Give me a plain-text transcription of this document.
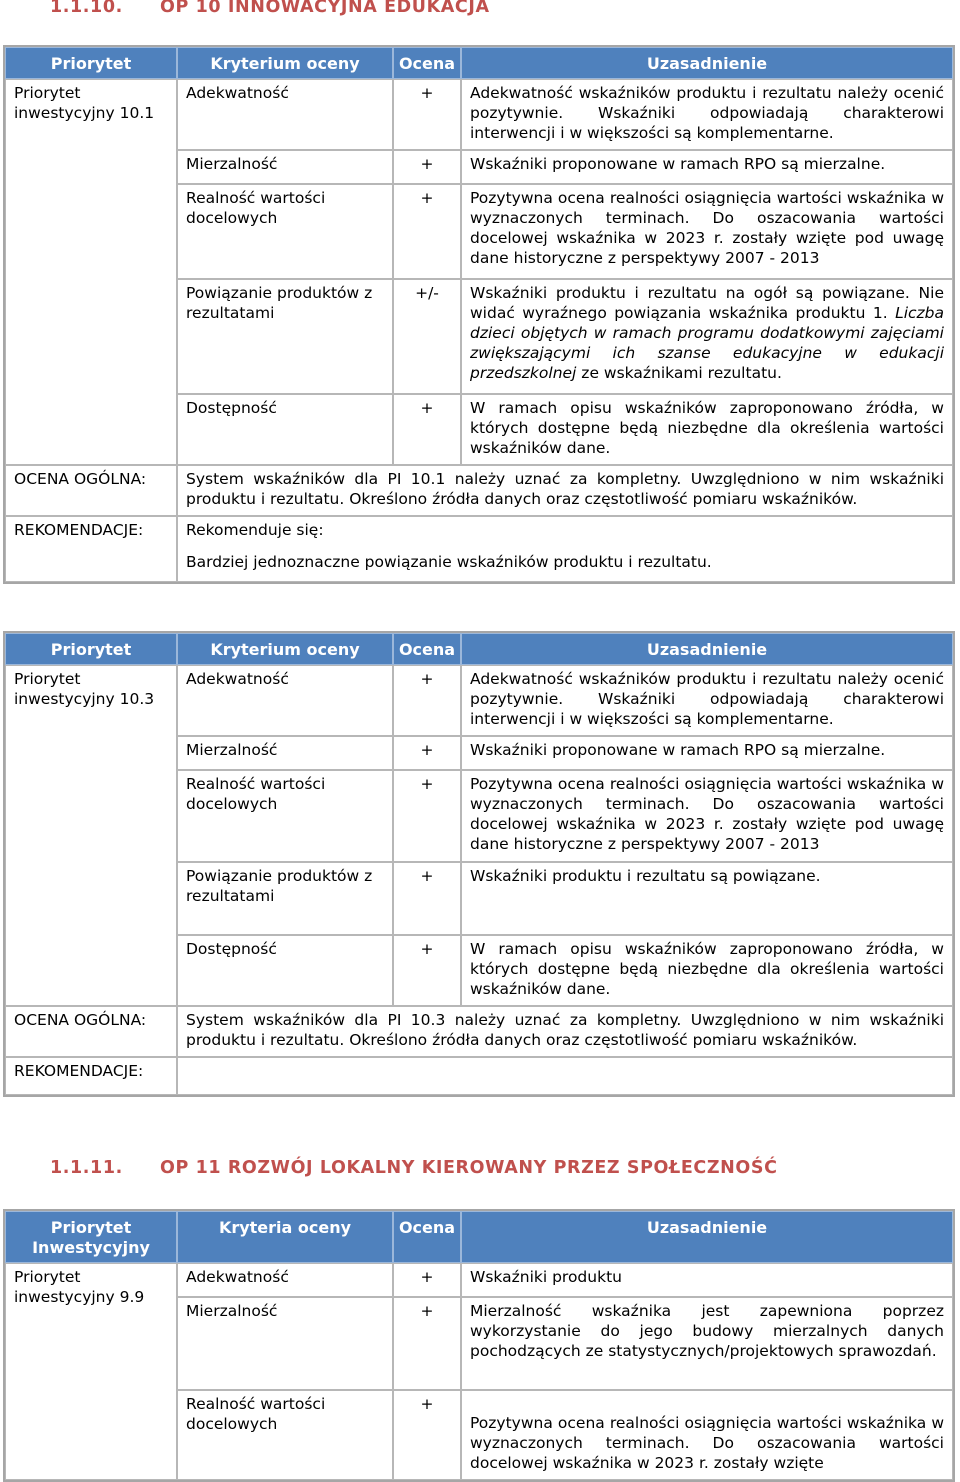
1.1.10. OP 10 INNOWACYJNA EDUKACJA
Priorytet	Kryterium oceny	Ocena	Uzasadnienie
Priorytet inwestycyjny 10.1	Adekwatność	+	Adekwatność wskaźników produktu i rezultatu należy ocenić pozytywnie. Wskaźniki odpowiadają charakterowi interwencji i w większości są komplementarne.
	Mierzalność	+	Wskaźniki proponowane w ramach RPO są mierzalne.
	Realność wartości docelowych	+	Pozytywna ocena realności osiągnięcia wartości wskaźnika w wyznaczonych terminach. Do oszacowania wartości docelowej wskaźnika w 2023 r. zostały wzięte pod uwagę dane historyczne z perspektywy 2007 - 2013
	Powiązanie produktów z rezultatami	+/-	Wskaźniki produktu i rezultatu na ogół są powiązane. Nie widać wyraźnego powiązania wskaźnika produktu 1. Liczba dzieci objętych w ramach programu dodatkowymi zajęciami zwiększającymi ich szanse edukacyjne w edukacji przedszkolnej ze wskaźnikami rezultatu.
	Dostępność	+	W ramach opisu wskaźników zaproponowano źródła, w których dostępne będą niezbędne dla określenia wartości wskaźników dane.
OCENA OGÓLNA:	System wskaźników dla PI 10.1 należy uznać za kompletny. Uwzględniono w nim wskaźniki produktu i rezultatu. Określono źródła danych oraz częstotliwość pomiaru wskaźników.		
REKOMENDACJE:	Rekomenduje się:
Bardziej jednoznaczne powiązanie wskaźników produktu i rezultatu.		
Priorytet	Kryterium oceny	Ocena	Uzasadnienie
Priorytet inwestycyjny 10.3	Adekwatność	+	Adekwatność wskaźników produktu i rezultatu należy ocenić pozytywnie. Wskaźniki odpowiadają charakterowi interwencji i w większości są komplementarne.
	Mierzalność	+	Wskaźniki proponowane w ramach RPO są mierzalne.
	Realność wartości docelowych	+	Pozytywna ocena realności osiągnięcia wartości wskaźnika w wyznaczonych terminach. Do oszacowania wartości docelowej wskaźnika w 2023 r. zostały wzięte pod uwagę dane historyczne z perspektywy 2007 - 2013
	Powiązanie produktów z rezultatami	+	Wskaźniki produktu i rezultatu są powiązane.
	Dostępność	+	W ramach opisu wskaźników zaproponowano źródła, w których dostępne będą niezbędne dla określenia wartości wskaźników dane.
OCENA OGÓLNA:	System wskaźników dla PI 10.3 należy uznać za kompletny. Uwzględniono w nim wskaźniki produktu i rezultatu. Określono źródła danych oraz częstotliwość pomiaru wskaźników.		
REKOMENDACJE:			
1.1.11. OP 11 ROZWÓJ LOKALNY KIEROWANY PRZEZ SPOŁECZNOŚĆ
Priorytet Inwestycyjny	Kryteria oceny	Ocena	Uzasadnienie
Priorytet inwestycyjny 9.9	Adekwatność	+	Wskaźniki produktu
	Mierzalność	+	Mierzalność wskaźnika jest zapewniona poprzez wykorzystanie do jego budowy mierzalnych danych pochodzących ze statystycznych/projektowych sprawozdań.
	Realność wartości docelowych	+	Pozytywna ocena realności osiągnięcia wartości wskaźnika w wyznaczonych terminach. Do oszacowania wartości docelowej wskaźnika w 2023 r. zostały wzięte
